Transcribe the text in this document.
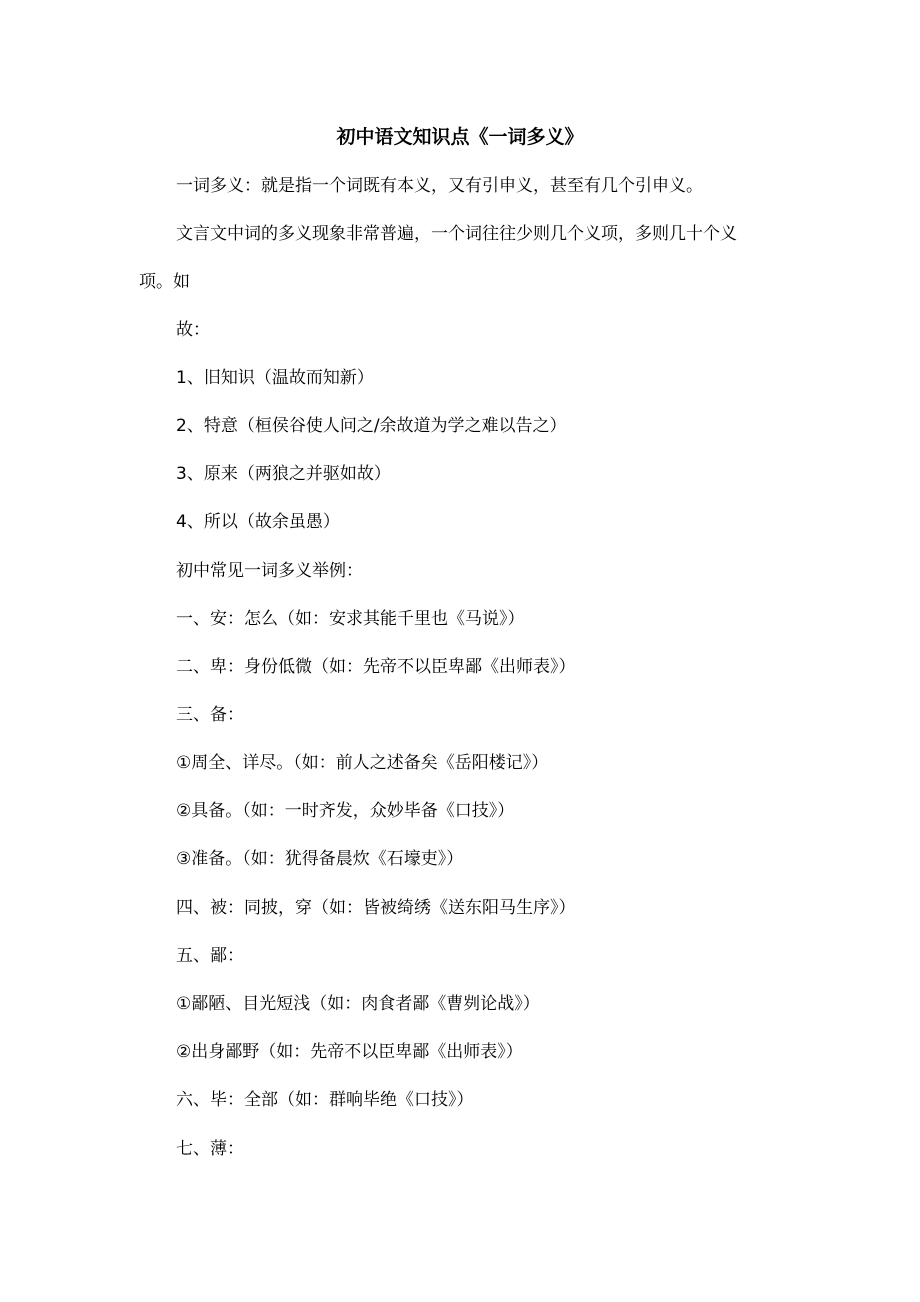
初中语文知识点《一词多义》

一词多义：就是指一个词既有本义，又有引申义，甚至有几个引申义。

文言文中词的多义现象非常普遍，一个词往往少则几个义项，多则几十个义

项。如

故：

1、旧知识（温故而知新）

2、特意（桓侯谷使人问之/余故道为学之难以告之）

3、原来（两狼之并驱如故）

4、所以（故余虽愚）

初中常见一词多义举例：

一、安：怎么（如：安求其能千里也《马说》）

二、卑：身份低微（如：先帝不以臣卑鄙《出师表》）

三、备：

①周全、详尽。（如：前人之述备矣《岳阳楼记》）

②具备。（如：一时齐发，众妙毕备《口技》）

③准备。（如：犹得备晨炊《石壕吏》）

四、被：同披，穿（如：皆被绮绣《送东阳马生序》）

五、鄙：

①鄙陋、目光短浅（如：肉食者鄙《曹刿论战》）

②出身鄙野（如：先帝不以臣卑鄙《出师表》）

六、毕：全部（如：群响毕绝《口技》）

七、薄：
